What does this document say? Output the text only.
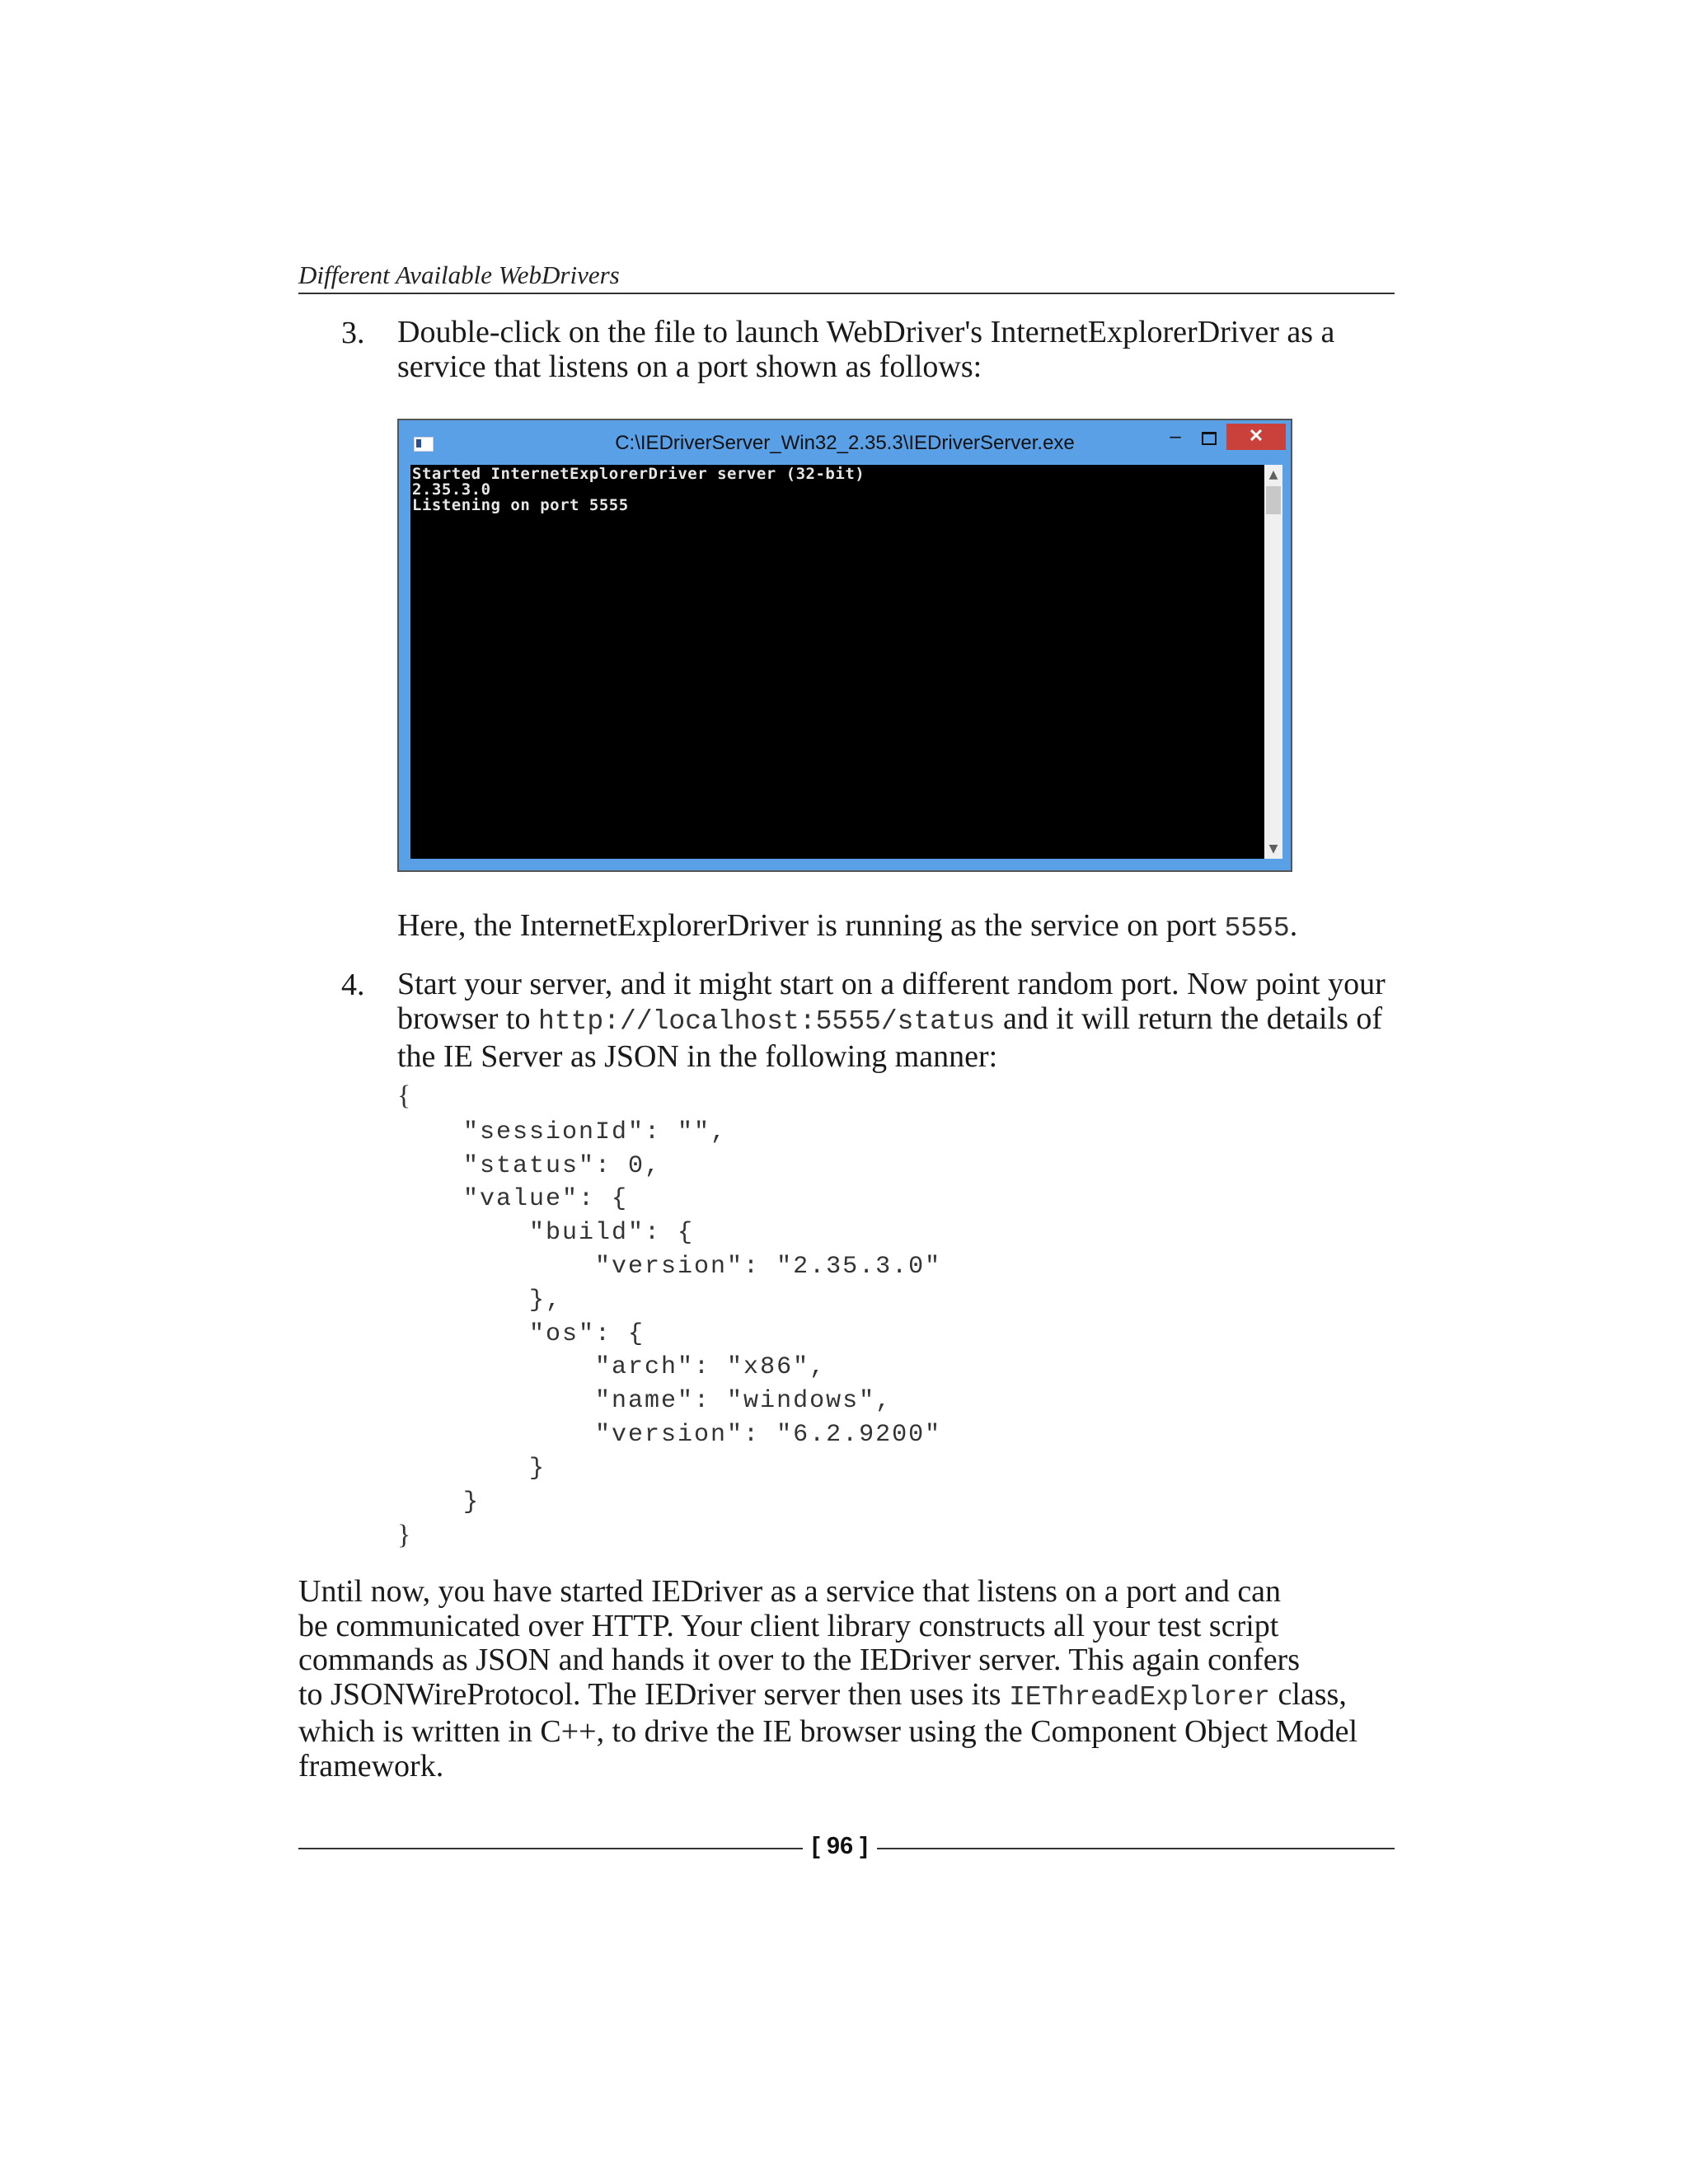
Different Available WebDrivers
3. Double-click on the file to launch WebDriver's InternetExplorerDriver as a service that listens on a port shown as follows:
C:\IEDriverServer_Win32_2.35.3\IEDriverServer.exe	–	✕
Started InternetExplorerDriver server (32-bit)
2.35.3.0
Listening on port 5555
▲
▼
Here, the InternetExplorerDriver is running as the service on port 5555.
4. Start your server, and it might start on a different random port. Now point your browser to http://localhost:5555/status and it will return the details of the IE Server as JSON in the following manner:
{
"sessionId": "",
"status": 0,
"value": {
"build": {
"version": "2.35.3.0"
},
"os": {
"arch": "x86",
"name": "windows",
"version": "6.2.9200"
}
}
}
Until now, you have started IEDriver as a service that listens on a port and can
be communicated over HTTP. Your client library constructs all your test script
commands as JSON and hands it over to the IEDriver server. This again confers
to JSONWireProtocol. The IEDriver server then uses its IEThreadExplorer class,
which is written in C++, to drive the IE browser using the Component Object Model
framework.
[ 96 ]
